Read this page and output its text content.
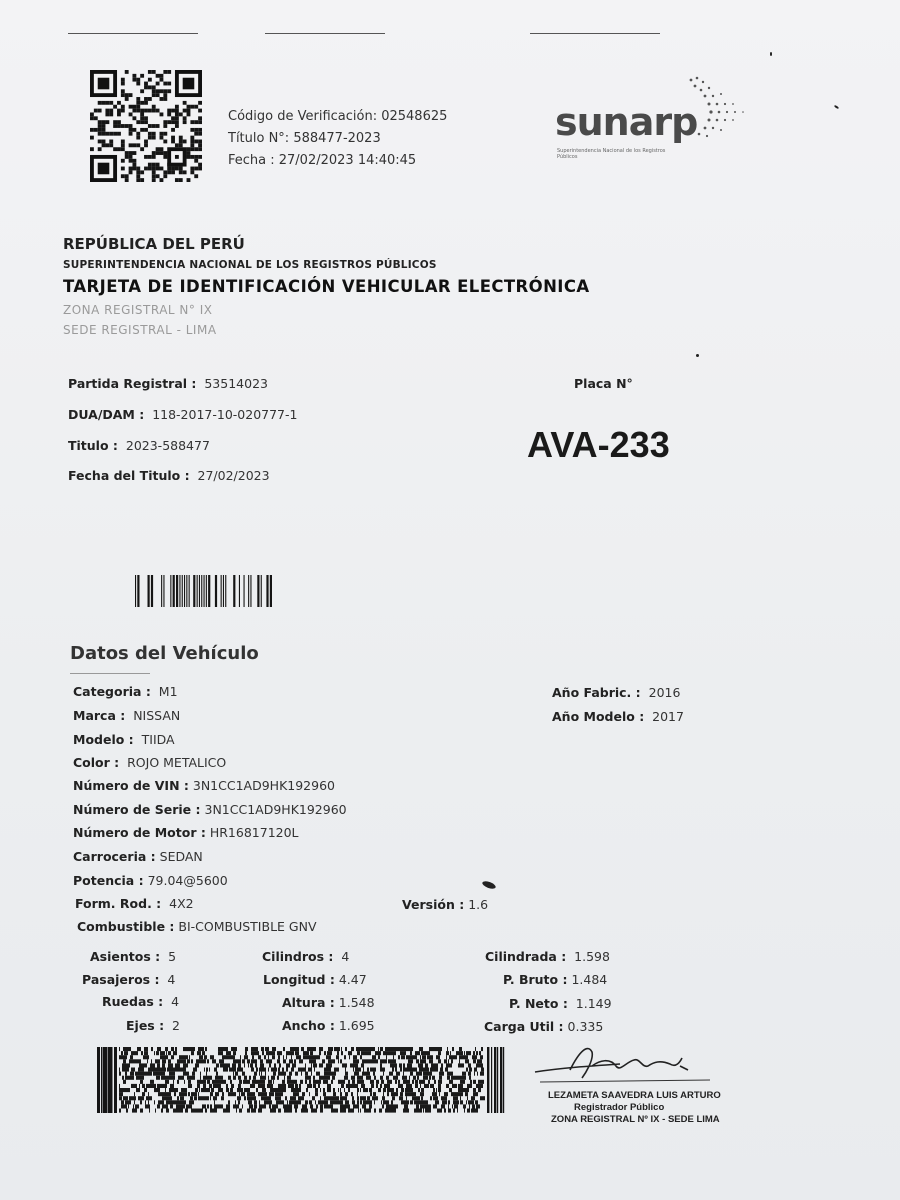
Código de Verificación: 02548625
Título N°: 588477-2023
Fecha : 27/02/2023 14:40:45
sunarp
Superintendencia Nacional de los Registros Públicos
REPÚBLICA DEL PERÚ
SUPERINTENDENCIA NACIONAL DE LOS REGISTROS PÚBLICOS
TARJETA DE IDENTIFICACIÓN VEHICULAR ELECTRÓNICA
ZONA REGISTRAL N° IX
SEDE REGISTRAL - LIMA
Partida Registral : 53514023
DUA/DAM : 118-2017-10-020777-1
Titulo : 2023-588477
Fecha del Titulo : 27/02/2023
Placa N°
AVA-233
Datos del Vehículo
Categoria : M1
Marca : NISSAN
Modelo : TIIDA
Color : ROJO METALICO
Número de VIN : 3N1CC1AD9HK192960
Número de Serie : 3N1CC1AD9HK192960
Número de Motor : HR16817120L
Carroceria : SEDAN
Potencia : 79.04@5600
Form. Rod. : 4X2	Versión : 1.6
Combustible : BI-COMBUSTIBLE GNV
Año Fabric. : 2016
Año Modelo : 2017
Asientos : 5
Pasajeros : 4
Ruedas : 4
Ejes : 2
Cilindros : 4
Longitud : 4.47
Altura : 1.548
Ancho : 1.695
Cilindrada : 1.598
P. Bruto : 1.484
P. Neto : 1.149
Carga Util : 0.335
LEZAMETA SAAVEDRA LUIS ARTURO
Registrador Público
ZONA REGISTRAL Nº IX - SEDE LIMA
